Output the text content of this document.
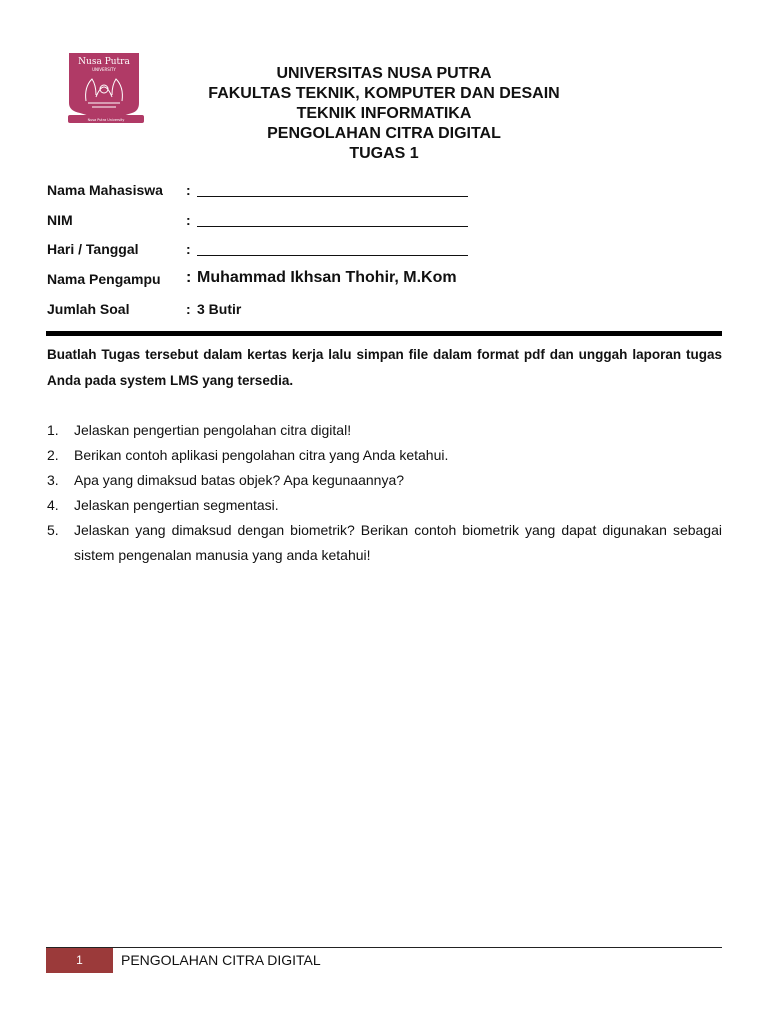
Nusa Putra
UNIVERSITY
Nusa Putra University
UNIVERSITAS NUSA PUTRA
FAKULTAS TEKNIK, KOMPUTER DAN DESAIN
TEKNIK INFORMATIKA
PENGOLAHAN CITRA DIGITAL
TUGAS 1
Nama Mahasiswa :
NIM	:
Hari / Tanggal	:
Nama Pengampu : Muhammad Ikhsan Thohir, M.Kom
Jumlah Soal	: 3 Butir
Buatlah Tugas tersebut dalam kertas kerja lalu simpan file dalam format pdf dan unggah laporan tugas Anda pada system LMS yang tersedia.
1. Jelaskan pengertian pengolahan citra digital!
2. Berikan contoh aplikasi pengolahan citra yang Anda ketahui.
3. Apa yang dimaksud batas objek? Apa kegunaannya?
4. Jelaskan pengertian segmentasi.
5. Jelaskan yang dimaksud dengan biometrik? Berikan contoh biometrik yang dapat digunakan sebagai sistem pengenalan manusia yang anda ketahui!
1	PENGOLAHAN CITRA DIGITAL
